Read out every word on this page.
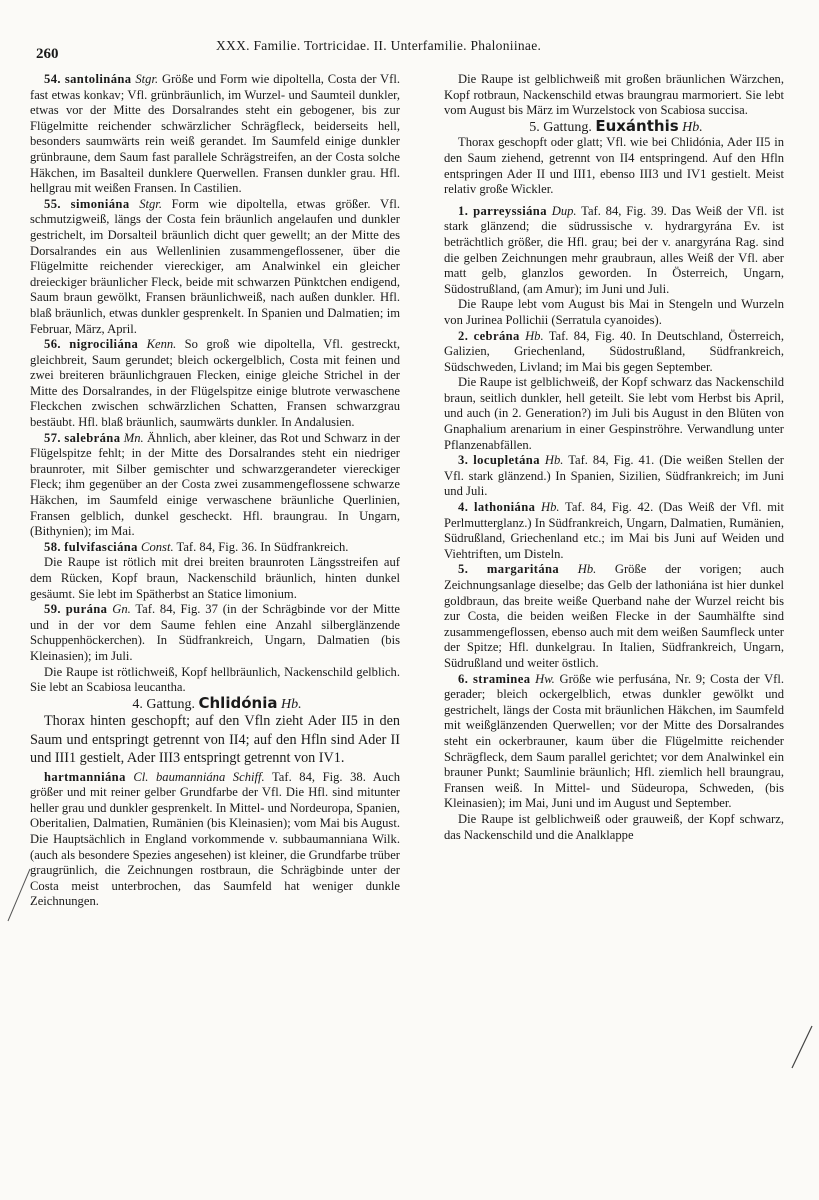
260
XXX. Familie. Tortricidae. II. Unterfamilie. Phaloniinae.

54. santolinána Stgr. Größe und Form wie dipoltella, Costa der Vfl. fast etwas konkav; Vfl. grünbräunlich, im Wurzel- und Saumteil dunkler, etwas vor der Mitte des Dorsalrandes steht ein gebogener, bis zur Flügelmitte reichender schwärzlicher Schrägfleck, beiderseits hell, besonders saumwärts rein weiß gerandet. Im Saumfeld einige dunkler grünbraune, dem Saum fast parallele Schrägstreifen, an der Costa solche Häkchen, im Basalteil dunklere Querwellen. Fransen dunkler grau. Hfl. hellgrau mit weißen Fransen. In Castilien.

55. simoniána Stgr. Form wie dipoltella, etwas größer. Vfl. schmutzigweiß, längs der Costa fein bräunlich angelaufen und dunkler gestrichelt, im Dorsalteil bräunlich dicht quer gewellt; an der Mitte des Dorsalrandes ein aus Wellenlinien zusammengeflossener, über die Flügelmitte reichender viereckiger, am Analwinkel ein gleicher dreieckiger bräunlicher Fleck, beide mit schwarzen Pünktchen endigend, Saum braun gewölkt, Fransen bräunlichweiß, nach außen dunkler. Hfl. blaß bräunlich, etwas dunkler gesprenkelt. In Spanien und Dalmatien; im Februar, März, April.

56. nigrociliána Kenn. So groß wie dipoltella, Vfl. gestreckt, gleichbreit, Saum gerundet; bleich ockergelblich, Costa mit feinen und zwei breiteren bräunlichgrauen Flecken, einige gleiche Strichel in der Mitte des Dorsalrandes, in der Flügelspitze einige blutrote verwaschene Fleckchen zwischen schwärzlichen Schatten, Fransen schwarzgrau bestäubt. Hfl. blaß bräunlich, saumwärts dunkler. In Andalusien.

57. salebrána Mn. Ähnlich, aber kleiner, das Rot und Schwarz in der Flügelspitze fehlt; in der Mitte des Dorsalrandes steht ein niedriger braunroter, mit Silber gemischter und schwarzgerandeter viereckiger Fleck; ihm gegenüber an der Costa zwei zusammengeflossene schwarze Häkchen, im Saumfeld einige verwaschene bräunliche Querlinien, Fransen gelblich, dunkel gescheckt. Hfl. braungrau. In Ungarn, (Bithynien); im Mai.

58. fulvifasciána Const. Taf. 84, Fig. 36. In Südfrankreich.

Die Raupe ist rötlich mit drei breiten braunroten Längsstreifen auf dem Rücken, Kopf braun, Nackenschild bräunlich, hinten dunkel gesäumt. Sie lebt im Spätherbst an Statice limonium.

59. purána Gn. Taf. 84, Fig. 37 (in der Schrägbinde vor der Mitte und in der vor dem Saume fehlen eine Anzahl silberglänzende Schuppenhöckerchen). In Südfrankreich, Ungarn, Dalmatien (bis Kleinasien); im Juli.

Die Raupe ist rötlichweiß, Kopf hellbräunlich, Nackenschild gelblich. Sie lebt an Scabiosa leucantha.

4. Gattung. Chlidónia Hb.

Thorax hinten geschopft; auf den Vfln zieht Ader II5 in den Saum und entspringt getrennt von II4; auf den Hfln sind Ader II und III1 gestielt, Ader III3 entspringt getrennt von IV1.

hartmanniána Cl. baumanniána Schiff. Taf. 84, Fig. 38. Auch größer und mit reiner gelber Grundfarbe der Vfl. Die Hfl. sind mitunter heller grau und dunkler gesprenkelt. In Mittel- und Nordeuropa, Spanien, Oberitalien, Dalmatien, Rumänien (bis Kleinasien); vom Mai bis August. Die Hauptsächlich in England vorkommende v. subbaumanniana Wilk. (auch als besondere Spezies angesehen) ist kleiner, die Grundfarbe trüber graugrünlich, die Zeichnungen rostbraun, die Schrägbinde unter der Costa meist unterbrochen, das Saumfeld hat weniger dunkle Zeichnungen.

Die Raupe ist gelblichweiß mit großen bräunlichen Wärzchen, Kopf rotbraun, Nackenschild etwas braungrau marmoriert. Sie lebt vom August bis März im Wurzelstock von Scabiosa succisa.

5. Gattung. Euxánthis Hb.

Thorax geschopft oder glatt; Vfl. wie bei Chlidónia, Ader II5 in den Saum ziehend, getrennt von II4 entspringend. Auf den Hfln entspringen Ader II und III1, ebenso III3 und IV1 gestielt. Meist relativ große Wickler.

1. parreyssiána Dup. Taf. 84, Fig. 39. Das Weiß der Vfl. ist stark glänzend; die südrussische v. hydrargyrána Ev. ist beträchtlich größer, die Hfl. grau; bei der v. anargyrána Rag. sind die gelben Zeichnungen mehr graubraun, alles Weiß der Vfl. aber matt gelb, glanzlos geworden. In Österreich, Ungarn, Südostrußland, (am Amur); im Juni und Juli.

Die Raupe lebt vom August bis Mai in Stengeln und Wurzeln von Jurinea Pollichii (Serratula cyanoides).

2. cebrána Hb. Taf. 84, Fig. 40. In Deutschland, Österreich, Galizien, Griechenland, Südostrußland, Südfrankreich, Südschweden, Livland; im Mai bis gegen September.

Die Raupe ist gelblichweiß, der Kopf schwarz das Nackenschild braun, seitlich dunkler, hell geteilt. Sie lebt vom Herbst bis April, und auch (in 2. Generation?) im Juli bis August in den Blüten von Gnaphalium arenarium in einer Gespinströhre. Verwandlung unter Pflanzenabfällen.

3. locupletána Hb. Taf. 84, Fig. 41. (Die weißen Stellen der Vfl. stark glänzend.) In Spanien, Sizilien, Südfrankreich; im Juni und Juli.

4. lathoniána Hb. Taf. 84, Fig. 42. (Das Weiß der Vfl. mit Perlmutterglanz.) In Südfrankreich, Ungarn, Dalmatien, Rumänien, Südrußland, Griechenland etc.; im Mai bis Juni auf Weiden und Viehtriften, um Disteln.

5. margaritána Hb. Größe der vorigen; auch Zeichnungsanlage dieselbe; das Gelb der lathoniána ist hier dunkel goldbraun, das breite weiße Querband nahe der Wurzel reicht bis zur Costa, die beiden weißen Flecke in der Saumhälfte sind zusammengeflossen, ebenso auch mit dem weißen Saumfleck unter der Spitze; Hfl. dunkelgrau. In Italien, Südfrankreich, Ungarn, Südrußland und weiter östlich.

6. straminea Hw. Größe wie perfusána, Nr. 9; Costa der Vfl. gerader; bleich ockergelblich, etwas dunkler gewölkt und gestrichelt, längs der Costa mit bräunlichen Häkchen, im Saumfeld mit weißglänzenden Querwellen; vor der Mitte des Dorsalrandes steht ein ockerbrauner, kaum über die Flügelmitte reichender Schrägfleck, dem Saum parallel gerichtet; vor dem Analwinkel ein brauner Punkt; Saumlinie bräunlich; Hfl. ziemlich hell braungrau, Fransen weiß. In Mittel- und Südeuropa, Schweden, (bis Kleinasien); im Mai, Juni und im August und September.

Die Raupe ist gelblichweiß oder grauweiß, der Kopf schwarz, das Nackenschild und die Analklappe
